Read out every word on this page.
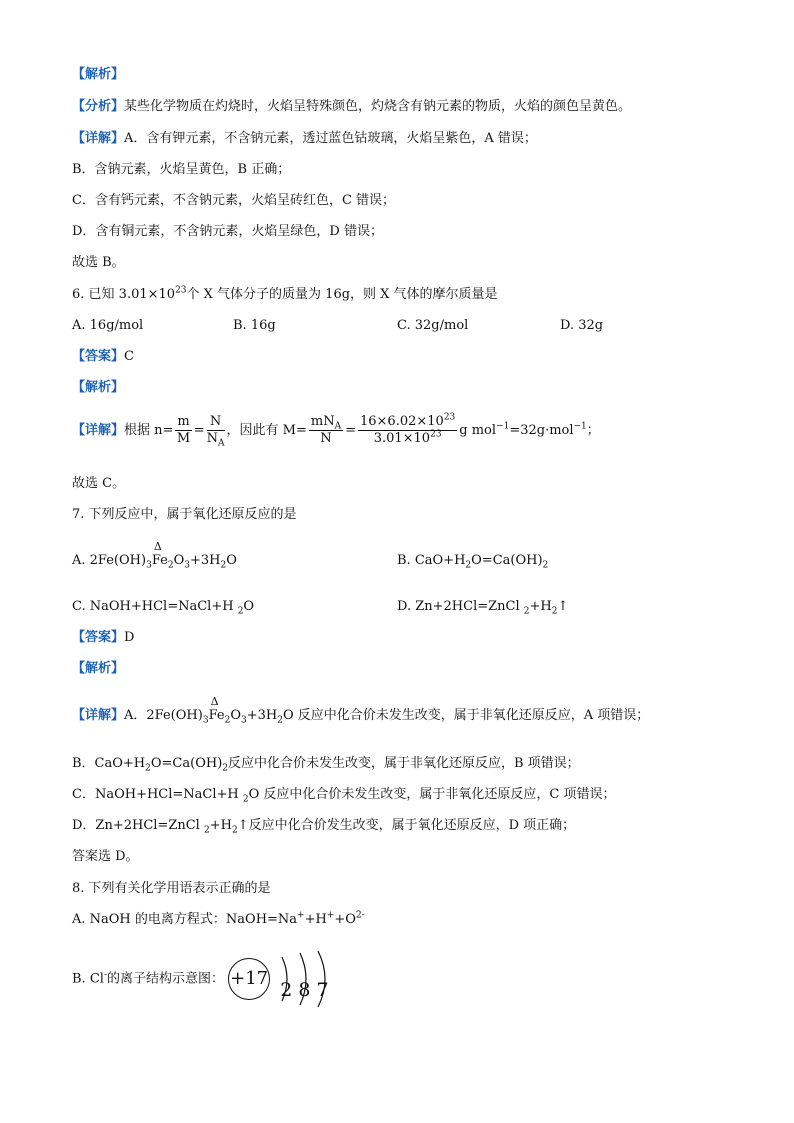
【解析】
【分析】某些化学物质在灼烧时，火焰呈特殊颜色，灼烧含有钠元素的物质，火焰的颜色呈黄色。
【详解】A．含有钾元素，不含钠元素，透过蓝色钴玻璃，火焰呈紫色，A 错误；
B．含钠元素，火焰呈黄色，B 正确；
C．含有钙元素，不含钠元素，火焰呈砖红色，C 错误；
D．含有铜元素，不含钠元素，火焰呈绿色，D 错误；
故选 B。
6. 已知 $3.01\times 10^{23}$个 X 气体分子的质量为 16g，则 X 气体的摩尔质量是
A. 16g/mol	B. 16g	C. 32g/mol	D. 32g
【答案】C
【解析】
【详解】根据 $n= \frac{m}{M} = \frac{N}{N_A}$ ，因此有 $M= \frac{mN_A}{N} = \frac{16\times 6.02\times 10^{23}}{3.01\times 10^{23}}$ g mol$^{-1}$=32g·mol$^{-1}$；
故选 C。
7. 下列反应中，属于氧化还原反应的是
A. $2Fe(OH)_3$
Δ
$Fe_2O_3+3H_2O$	B. $CaO+H_2O=Ca(OH)_2$
C. NaOH+HCl=NaCl+H $_2$O	D. Zn+2HCl=ZnCl $_2+H_2↑$
【答案】D
【解析】
【详解】A．$2Fe(OH)_3$
Δ
$Fe_2O_3+3H_2O$ 反应中化合价未发生改变，属于非氧化还原反应，A 项错误；
B．$CaO+H_2O=Ca(OH)_2$反应中化合价未发生改变，属于非氧化还原反应，B 项错误；
C．NaOH+HCl=NaCl+H $_2$O 反应中化合价未发生改变，属于非氧化还原反应，C 项错误；
D．Zn+2HCl=ZnCl $_2+H_2↑$反应中化合价发生改变，属于氧化还原反应，D 项正确；
答案选 D。
8. 下列有关化学用语表示正确的是
A. NaOH 的电离方程式：$NaOH=Na^++H^++O^{2-}$
B. Cl-的离子结构示意图： +17
2 8 7
